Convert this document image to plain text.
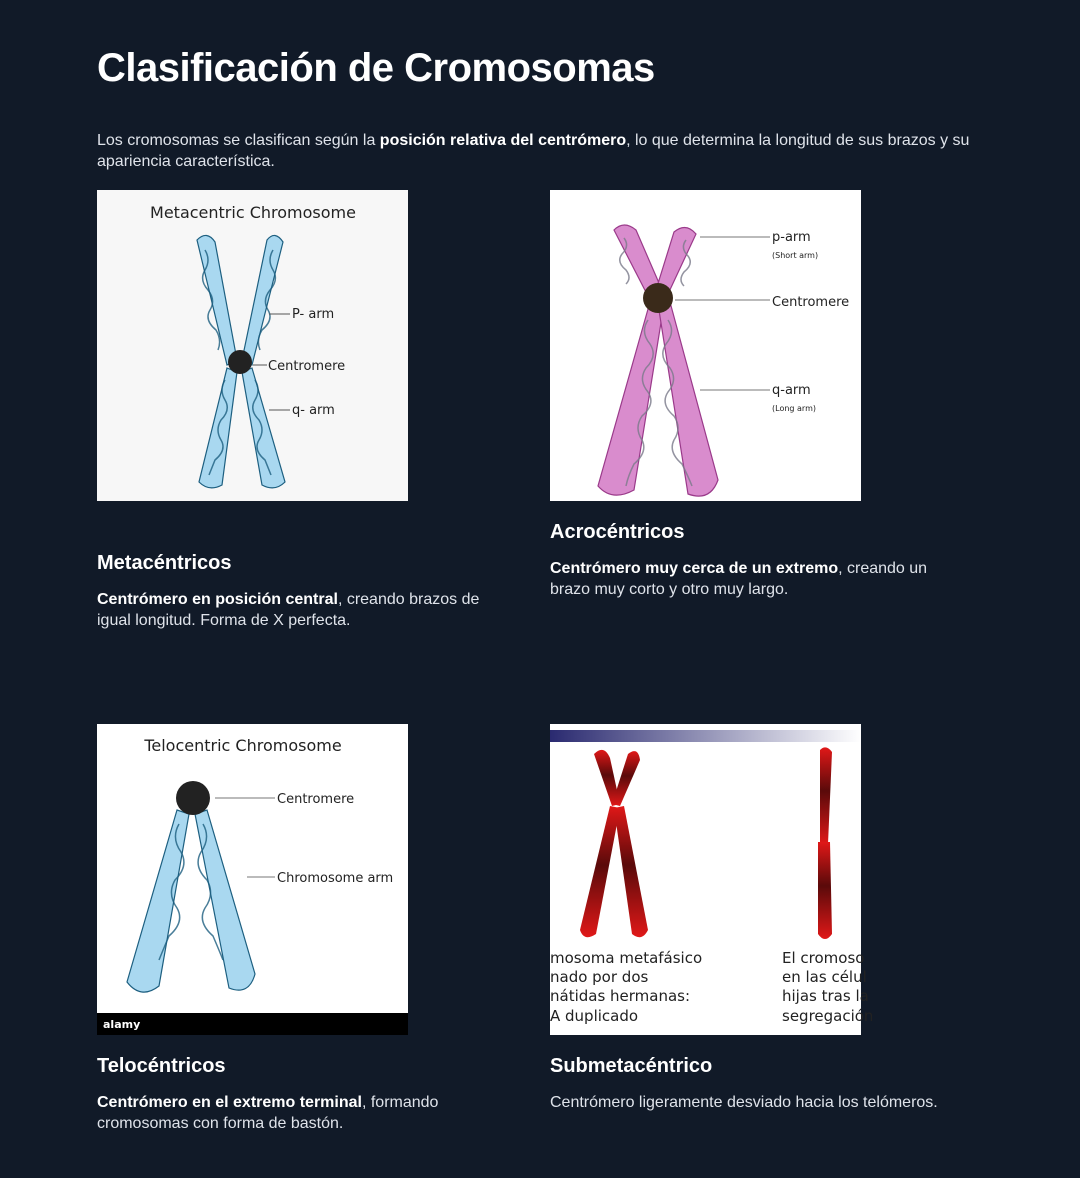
Clasificación de Cromosomas

Los cromosomas se clasifican según la posición relativa del centrómero, lo que determina la longitud de sus brazos y su apariencia característica.

Metacentric Chromosome
P- arm
Centromere
q- arm
Metacéntricos

Centrómero en posición central, creando brazos de igual longitud. Forma de X perfecta.

p-arm
(Short arm)
Centromere
q-arm
(Long arm)
Acrocéntricos

Centrómero muy cerca de un extremo, creando un brazo muy corto y otro muy largo.

Telocentric Chromosome
Centromere
Chromosome arm
alamy
Telocéntricos

Centrómero en el extremo terminal, formando cromosomas con forma de bastón.

mosoma metafásico
nado por dos
nátidas hermanas:
A duplicado
El cromoso
en las célul
hijas tras la
segregación
Submetacéntrico

Centrómero ligeramente desviado hacia los telómeros.
